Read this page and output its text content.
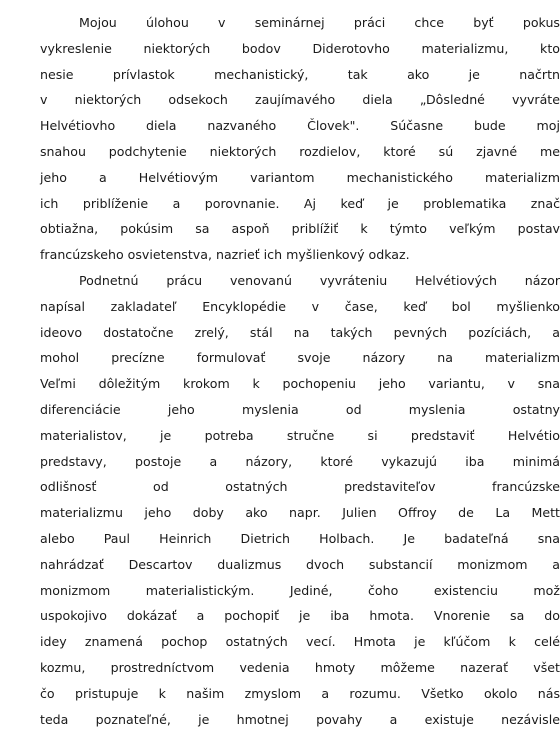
Mojou úlohou v seminárnej práci chce byť pokus
vykreslenie niektorých bodov Diderotovho materializmu, kto
nesie prívlastok mechanistický, tak ako je načrtn
v niektorých odsekoch zaujímavého diela „Dôsledné vyvráte
Helvétiovho diela nazvaného Človek". Súčasne bude moj
snahou podchytenie niektorých rozdielov, ktoré sú zjavné me
jeho a Helvétiovým variantom mechanistického materializm
ich priblíženie a porovnanie. Aj keď je problematika znač
obtiažna, pokúsim sa aspoň priblížiť k týmto veľkým postav
francúzskeho osvietenstva, nazrieť ich myšlienkový odkaz.
Podnetnú prácu venovanú vyvráteniu Helvétiových názor
napísal zakladateľ Encyklopédie v čase, keď bol myšlienko
ideovo dostatočne zrelý, stál na takých pevných pozíciách, a
mohol precízne formulovať svoje názory na materializm
Veľmi dôležitým krokom k pochopeniu jeho variantu, v sna
diferenciácie jeho myslenia od myslenia ostatny
materialistov, je potreba stručne si predstaviť Helvétio
predstavy, postoje a názory, ktoré vykazujú iba minimá
odlišnosť od ostatných predstaviteľov francúzske
materializmu jeho doby ako napr. Julien Offroy de La Mett
alebo Paul Heinrich Dietrich Holbach. Je badateľná sna
nahrádzať Descartov dualizmus dvoch substancií monizmom a
monizmom materialistickým. Jediné, čoho existenciu mož
uspokojivo dokázať a pochopiť je iba hmota. Vnorenie sa do
idey znamená pochop ostatných vecí. Hmota je kľúčom k celé
kozmu, prostredníctvom vedenia hmoty môžeme nazerať všet
čo pristupuje k našim zmyslom a rozumu. Všetko okolo nás
teda poznateľné, je hmotnej povahy a existuje nezávisle
